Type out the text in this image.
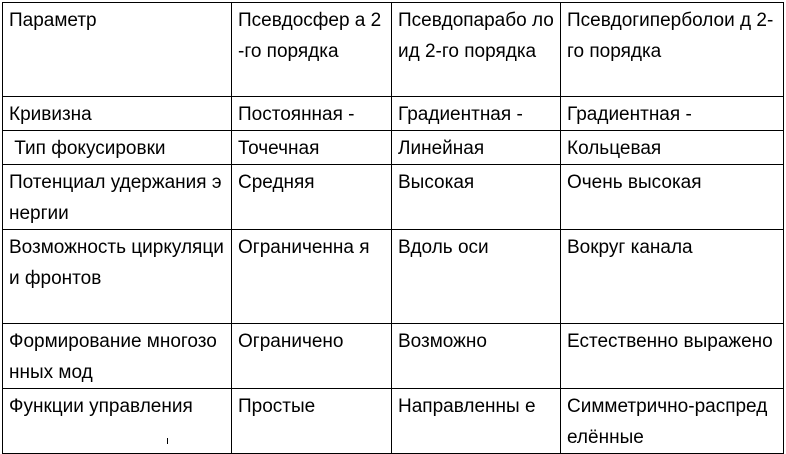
Параметр	Псевдосфер а 2-го порядка	Псевдопарабо лоид 2-го порядка	Псевдогиперболои д 2-го порядка
Кривизна	Постоянная -	Градиентная -	Градиентная -
Тип фокусировки	Точечная	Линейная	Кольцевая
Потенциал удержания энергии	Средняя	Высокая	Очень высокая
Возможность циркуляции фронтов	Ограниченна я	Вдоль оси	Вокруг канала
Формирование многозонных мод	Ограничено	Возможно	Естественно выражено
Функции управления	Простые	Направленны е	Симметрично-распределённые
